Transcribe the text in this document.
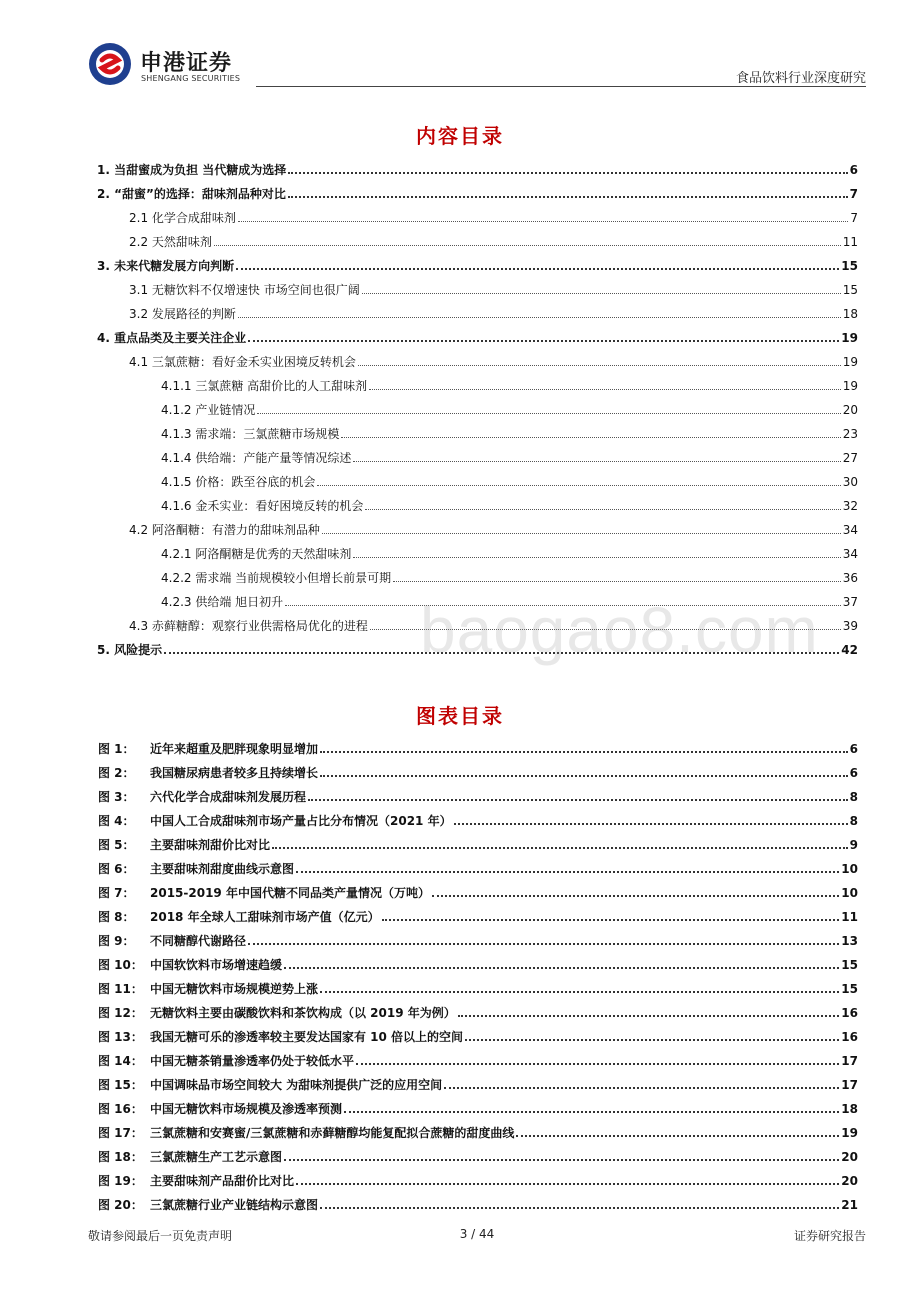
申港证券
SHENGANG SECURITIES	食品饮料行业深度研究
内容目录
1. 当甜蜜成为负担 当代糖成为选择	6
2. “甜蜜”的选择：甜味剂品种对比	7
2.1 化学合成甜味剂	7
2.2 天然甜味剂	11
3. 未来代糖发展方向判断	15
3.1 无糖饮料不仅增速快 市场空间也很广阔	15
3.2 发展路径的判断	18
4. 重点品类及主要关注企业	19
4.1 三氯蔗糖：看好金禾实业困境反转机会	19
4.1.1 三氯蔗糖 高甜价比的人工甜味剂	19
4.1.2 产业链情况	20
4.1.3 需求端：三氯蔗糖市场规模	23
4.1.4 供给端：产能产量等情况综述	27
4.1.5 价格：跌至谷底的机会	30
4.1.6 金禾实业：看好困境反转的机会	32
4.2 阿洛酮糖：有潜力的甜味剂品种	34
4.2.1 阿洛酮糖是优秀的天然甜味剂	34
4.2.2 需求端 当前规模较小但增长前景可期	36
4.2.3 供给端 旭日初升	37
4.3 赤藓糖醇：观察行业供需格局优化的进程	39
5. 风险提示	42
baogao8.com
图表目录
图 1：	近年来超重及肥胖现象明显增加	6
图 2：	我国糖尿病患者较多且持续增长	6
图 3：	六代化学合成甜味剂发展历程	8
图 4：	中国人工合成甜味剂市场产量占比分布情况（2021 年）	8
图 5：	主要甜味剂甜价比对比	9
图 6：	主要甜味剂甜度曲线示意图	10
图 7：	2015-2019 年中国代糖不同品类产量情况（万吨）	10
图 8：	2018 年全球人工甜味剂市场产值（亿元）	11
图 9：	不同糖醇代谢路径	13
图 10： 中国软饮料市场增速趋缓	15
图 11： 中国无糖饮料市场规模逆势上涨	15
图 12： 无糖饮料主要由碳酸饮料和茶饮构成（以 2019 年为例）	16
图 13： 我国无糖可乐的渗透率较主要发达国家有 10 倍以上的空间	16
图 14： 中国无糖茶销量渗透率仍处于较低水平	17
图 15： 中国调味品市场空间较大 为甜味剂提供广泛的应用空间	17
图 16： 中国无糖饮料市场规模及渗透率预测	18
图 17： 三氯蔗糖和安赛蜜/三氯蔗糖和赤藓糖醇均能复配拟合蔗糖的甜度曲线	19
图 18： 三氯蔗糖生产工艺示意图	20
图 19： 主要甜味剂产品甜价比对比	20
图 20： 三氯蔗糖行业产业链结构示意图	21
敬请参阅最后一页免责声明	3 / 44	证券研究报告
